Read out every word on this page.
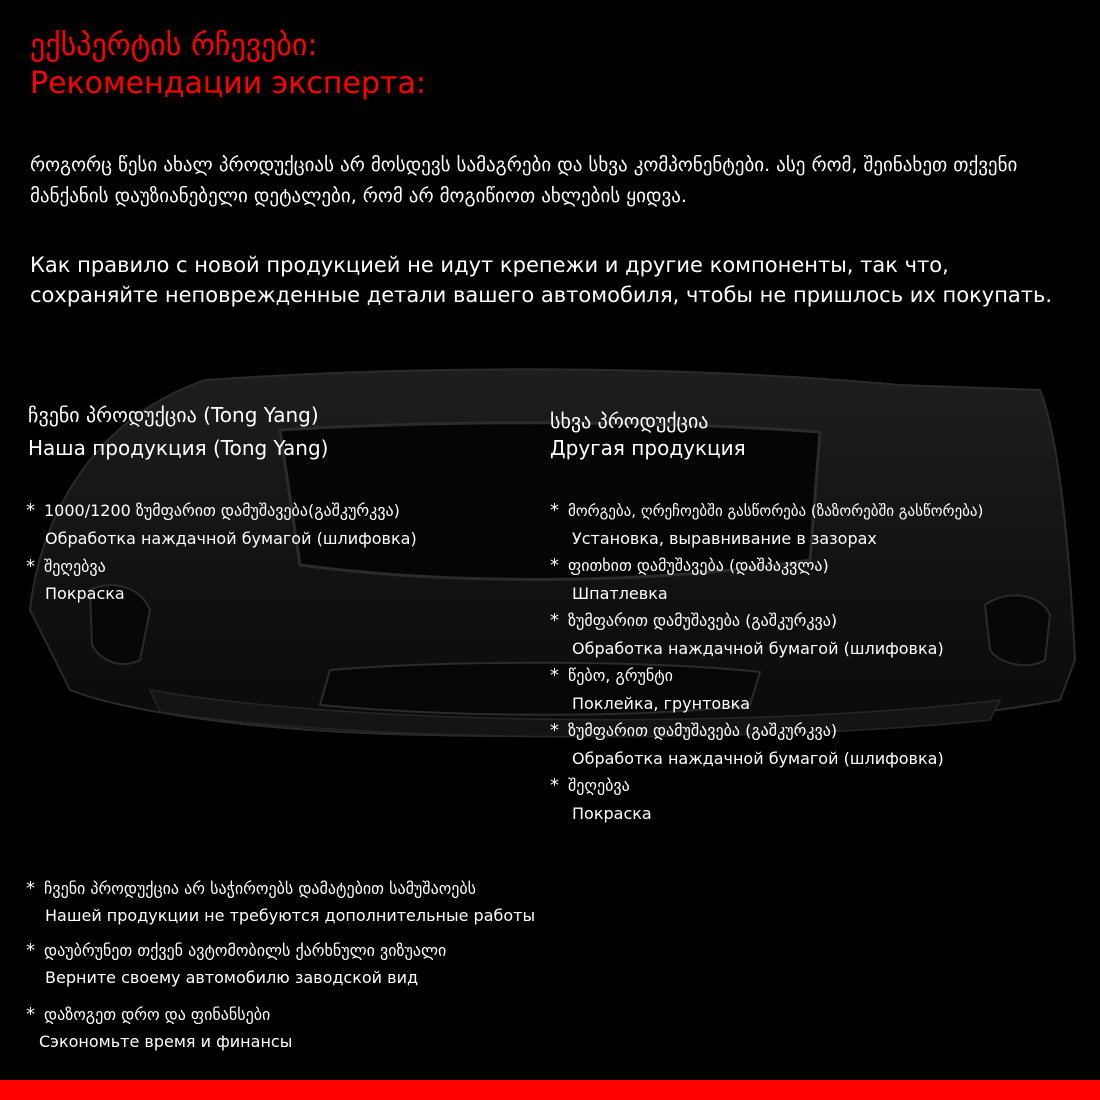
ექსპერტის რჩევები:
Рекомендации эксперта:
როგორც წესი ახალ პროდუქციას არ მოსდევს სამაგრები და სხვა კომპონენტები. ასე რომ, შეინახეთ თქვენი მანქანის დაუზიანებელი დეტალები, რომ არ მოგიწიოთ ახლების ყიდვა.
Как правило с новой продукцией не идут крепежи и другие компоненты, так что, сохраняйте неповрежденные детали вашего автомобиля, чтобы не пришлось их покупать.
ჩვენი პროდუქცია (Tong Yang)
Наша продукция (Tong Yang)
* 1000/1200 ზუმფარით დამუშავება(გაშკურკვა)
Обработка наждачной бумагой (шлифовка)
* შეღებვა
Покраска
სხვა პროდუქცია
Другая продукция
* მორგება, ღრეჩოებში გასწორება (ზაზორებში გასწორება)
Установка, выравнивание в зазорах
* ფითხით დამუშავება (დაშპაკვლა)
Шпатлевка
* ზუმფარით დამუშავება (გაშკურკვა)
Обработка наждачной бумагой (шлифовка)
* წებო, გრუნტი
Поклейка, грунтовка
* ზუმფარით დამუშავება (გაშკურკვა)
Обработка наждачной бумагой (шлифовка)
* შეღებვა
Покраска
* ჩვენი პროდუქცია არ საჭიროებს დამატებით სამუშაოებს
Нашей продукции не требуются дополнительные работы
* დაუბრუნეთ თქვენ ავტომობილს ქარხნული ვიზუალი
Верните своему автомобилю заводской вид
* დაზოგეთ დრო და ფინანსები
Сэкономьте время и финансы
